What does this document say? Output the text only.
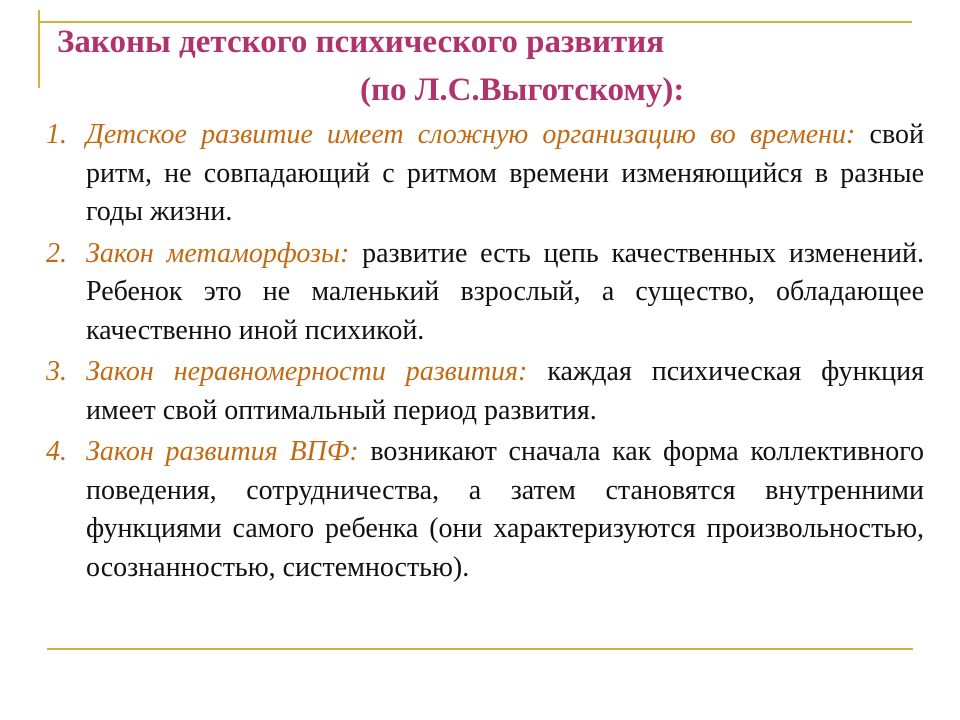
Законы детского психического развития
(по Л.С.Выготскому):
1. Детское развитие имеет сложную организацию во времени: свой ритм, не совпадающий с ритмом времени изменяющийся в разные годы жизни.
2. Закон метаморфозы: развитие есть цепь качественных изменений. Ребенок это не маленький взрослый, а существо, обладающее качественно иной психикой.
3. Закон неравномерности развития: каждая психическая функция имеет свой оптимальный период развития.
4. Закон развития ВПФ: возникают сначала как форма коллективного поведения, сотрудничества, а затем становятся внутренними функциями самого ребенка (они характеризуются произвольностью, осознанностью, системностью).
